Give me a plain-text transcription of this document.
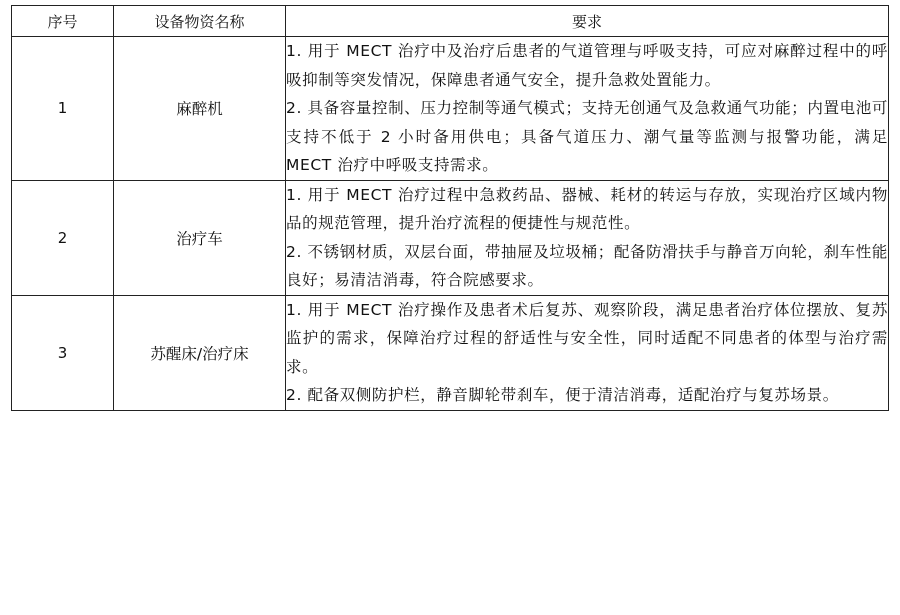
序号	设备物资名称	要求
1	麻醉机	1. 用于 MECT 治疗中及治疗后患者的气道管理与呼吸支持，可应对麻醉过程中的呼吸抑制等突发情况，保障患者通气安全，提升急救处置能力。

2. 具备容量控制、压力控制等通气模式；支持无创通气及急救通气功能；内置电池可支持不低于 2 小时备用供电；具备气道压力、潮气量等监测与报警功能，满足 MECT 治疗中呼吸支持需求。

2	治疗车	1. 用于 MECT 治疗过程中急救药品、器械、耗材的转运与存放，实现治疗区域内物品的规范管理，提升治疗流程的便捷性与规范性。

2. 不锈钢材质，双层台面，带抽屉及垃圾桶；配备防滑扶手与静音万向轮，刹车性能良好；易清洁消毒，符合院感要求。

3	苏醒床/治疗床	1. 用于 MECT 治疗操作及患者术后复苏、观察阶段，满足患者治疗体位摆放、复苏监护的需求，保障治疗过程的舒适性与安全性，同时适配不同患者的体型与治疗需求。

2. 配备双侧防护栏，静音脚轮带刹车，便于清洁消毒，适配治疗与复苏场景。
